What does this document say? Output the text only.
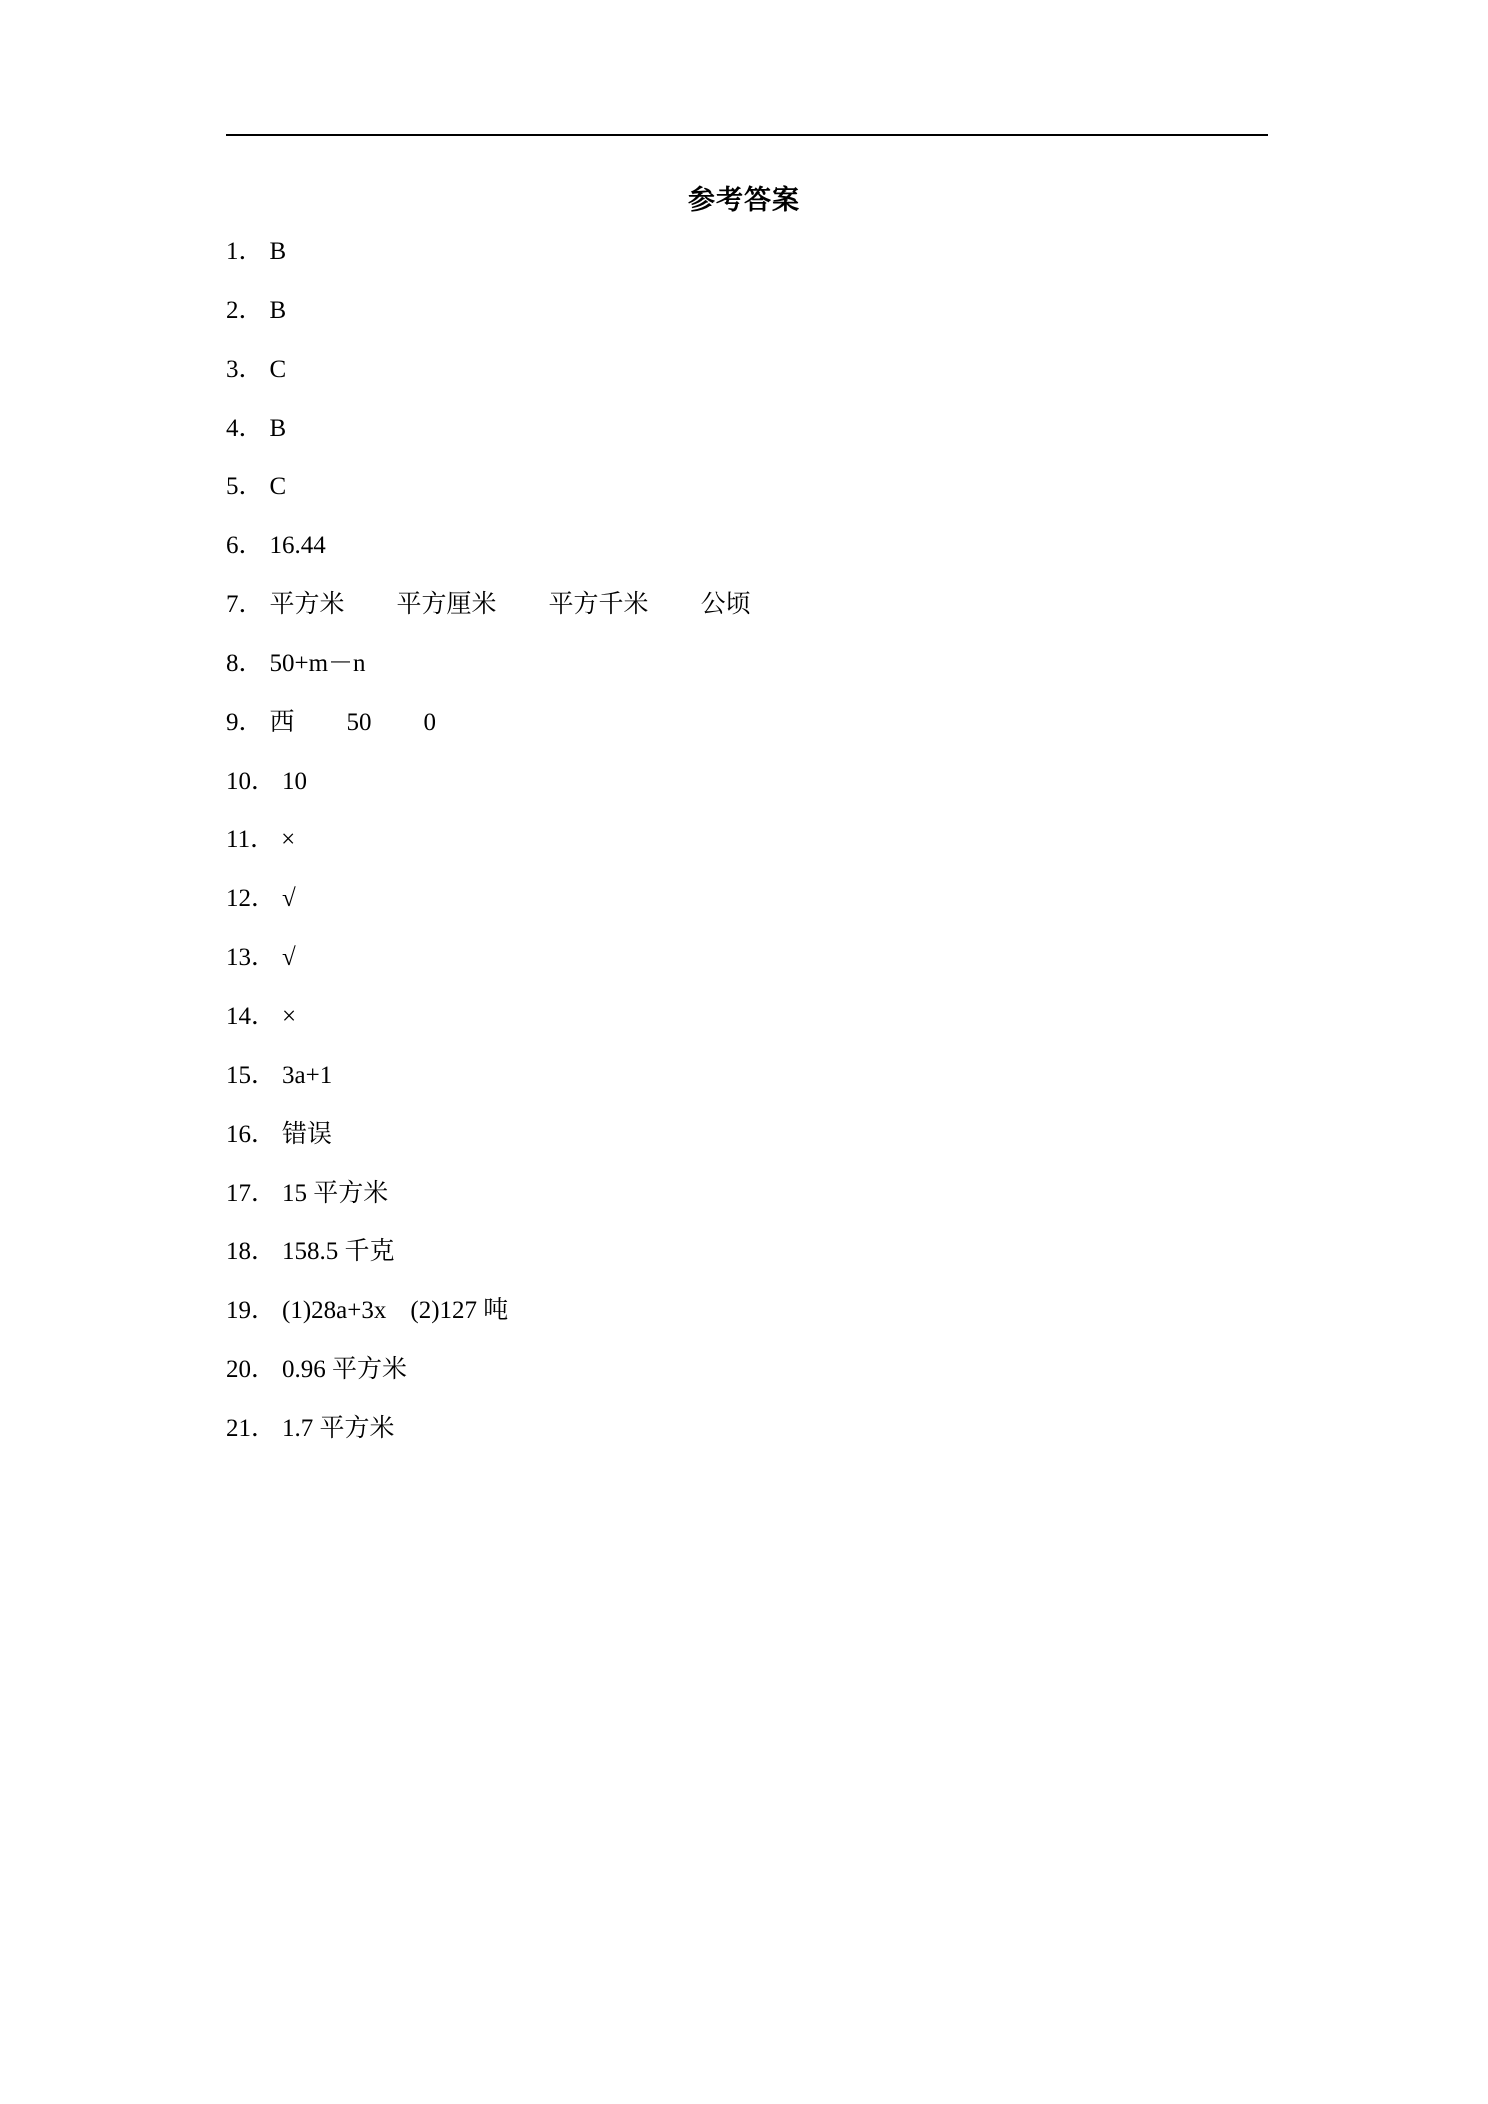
参考答案
1． B
2． B
3． C
4． B
5． C
6． 16.44
7． 平方米 平方厘米 平方千米 公顷
8． 50+m－n
9． 西 50 0
10． 10
11． ×
12． √
13． √
14． ×
15． 3a+1
16． 错误
17． 15 平方米
18． 158.5 千克
19． (1)28a+3x (2)127 吨
20． 0.96 平方米
21． 1.7 平方米
